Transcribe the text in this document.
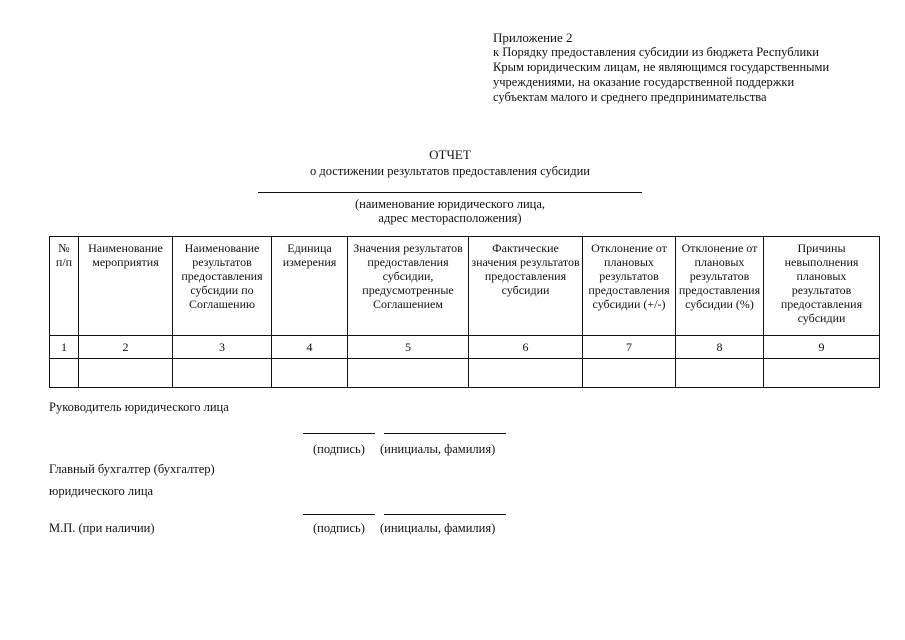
Приложение 2
к Порядку предоставления субсидии из бюджета Республики
Крым юридическим лицам, не являющимся государственными
учреждениями, на оказание государственной поддержки
субъектам малого и среднего предпринимательства
ОТЧЕТ
о достижении результатов предоставления субсидии
(наименование юридического лица,
адрес месторасположения)
№ п/п	Наименование мероприятия	Наименование результатов предоставления субсидии по Соглашению	Единица измерения	Значения результатов предоставления субсидии, предусмотренные Соглашением	Фактические значения результатов предоставления субсидии	Отклонение от плановых результатов предоставления субсидии (+/-)	Отклонение от плановых результатов предоставления субсидии (%)	Причины невыполнения плановых результатов предоставления субсидии
1	2	3	4	5	6	7	8	9

Руководитель юридического лица
(подпись) (инициалы, фамилия)
Главный бухгалтер (бухгалтер)
юридического лица
М.П. (при наличии)	(подпись) (инициалы, фамилия)
